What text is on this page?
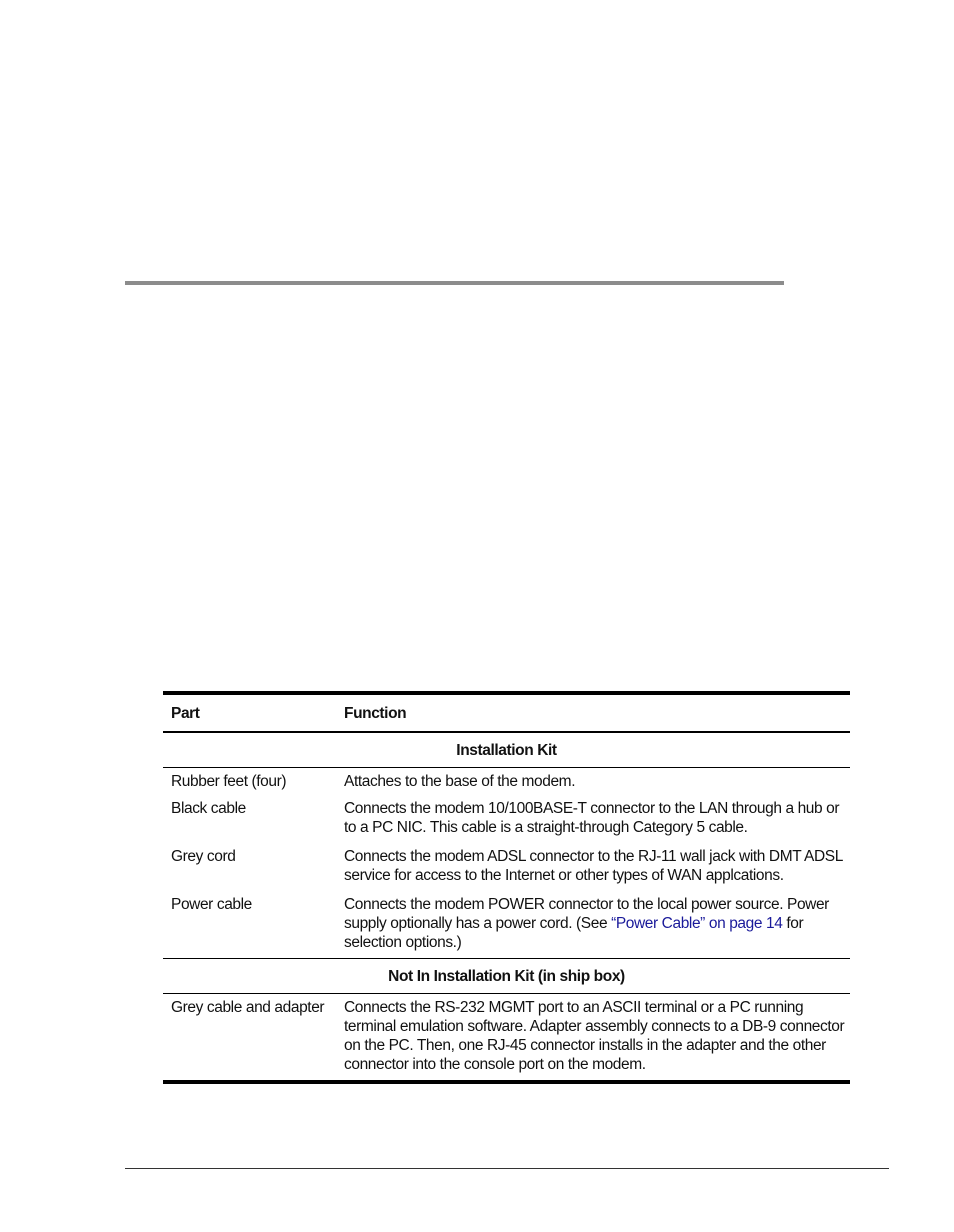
Part	Function
Installation Kit	
Rubber feet (four)	Attaches to the base of the modem.
Black cable	Connects the modem 10/100BASE-T connector to the LAN through a hub or to a PC NIC. This cable is a straight-through Category 5 cable.
Grey cord	Connects the modem ADSL connector to the RJ-11 wall jack with DMT ADSL service for access to the Internet or other types of WAN applcations.
Power cable	Connects the modem POWER connector to the local power source. Power supply optionally has a power cord. (See “Power Cable” on page 14 for selection options.)
Not In Installation Kit (in ship box)	
Grey cable and adapter	Connects the RS-232 MGMT port to an ASCII terminal or a PC running terminal emulation software. Adapter assembly connects to a DB-9 connector on the PC. Then, one RJ-45 connector installs in the adapter and the other connector into the console port on the modem.
